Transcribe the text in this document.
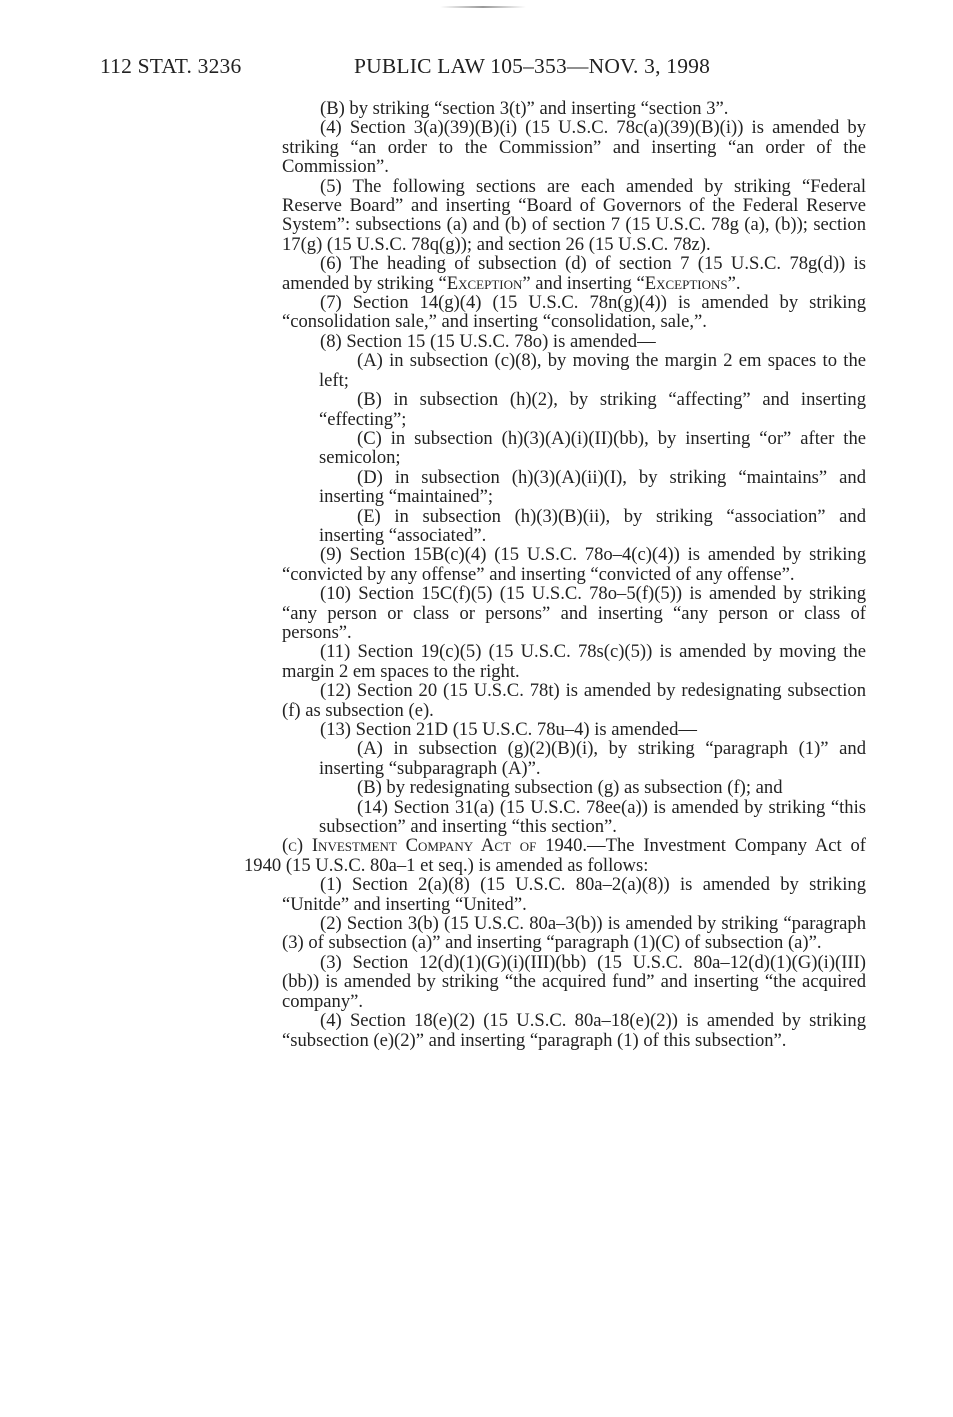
112 STAT. 3236	PUBLIC LAW 105–353—NOV. 3, 1998

(B) by striking “section 3(t)” and inserting “section 3”.

(4) Section 3(a)(39)(B)(i) (15 U.S.C. 78c(a)(39)(B)(i)) is amended by striking “an order to the Commission” and inserting “an order of the Commission”.

(5) The following sections are each amended by striking “Federal Reserve Board” and inserting “Board of Governors of the Federal Reserve System”: subsections (a) and (b) of section 7 (15 U.S.C. 78g (a), (b)); section 17(g) (15 U.S.C. 78q(g)); and section 26 (15 U.S.C. 78z).

(6) The heading of subsection (d) of section 7 (15 U.S.C. 78g(d)) is amended by striking “Exception” and inserting “Exceptions”.

(7) Section 14(g)(4) (15 U.S.C. 78n(g)(4)) is amended by striking “consolidation sale,” and inserting “consolidation, sale,”.

(8) Section 15 (15 U.S.C. 78o) is amended—

(A) in subsection (c)(8), by moving the margin 2 em spaces to the left;

(B) in subsection (h)(2), by striking “affecting” and inserting “effecting”;

(C) in subsection (h)(3)(A)(i)(II)(bb), by inserting “or” after the semicolon;

(D) in subsection (h)(3)(A)(ii)(I), by striking “maintains” and inserting “maintained”;

(E) in subsection (h)(3)(B)(ii), by striking “association” and inserting “associated”.

(9) Section 15B(c)(4) (15 U.S.C. 78o–4(c)(4)) is amended by striking “convicted by any offense” and inserting “convicted of any offense”.

(10) Section 15C(f)(5) (15 U.S.C. 78o–5(f)(5)) is amended by striking “any person or class or persons” and inserting “any person or class of persons”.

(11) Section 19(c)(5) (15 U.S.C. 78s(c)(5)) is amended by moving the margin 2 em spaces to the right.

(12) Section 20 (15 U.S.C. 78t) is amended by redesignating subsection (f) as subsection (e).

(13) Section 21D (15 U.S.C. 78u–4) is amended—

(A) in subsection (g)(2)(B)(i), by striking “paragraph (1)” and inserting “subparagraph (A)”.

(B) by redesignating subsection (g) as subsection (f); and

(14) Section 31(a) (15 U.S.C. 78ee(a)) is amended by striking “this subsection” and inserting “this section”.

(c) Investment Company Act of 1940.—The Investment Company Act of 1940 (15 U.S.C. 80a–1 et seq.) is amended as follows:

(1) Section 2(a)(8) (15 U.S.C. 80a–2(a)(8)) is amended by striking “Unitde” and inserting “United”.

(2) Section 3(b) (15 U.S.C. 80a–3(b)) is amended by striking “paragraph (3) of subsection (a)” and inserting “paragraph (1)(C) of subsection (a)”.

(3) Section 12(d)(1)(G)(i)(III)(bb) (15 U.S.C. 80a–12(d)(1)(G)(i)(III)(bb)) is amended by striking “the acquired fund” and inserting “the acquired company”.

(4) Section 18(e)(2) (15 U.S.C. 80a–18(e)(2)) is amended by striking “subsection (e)(2)” and inserting “paragraph (1) of this subsection”.
